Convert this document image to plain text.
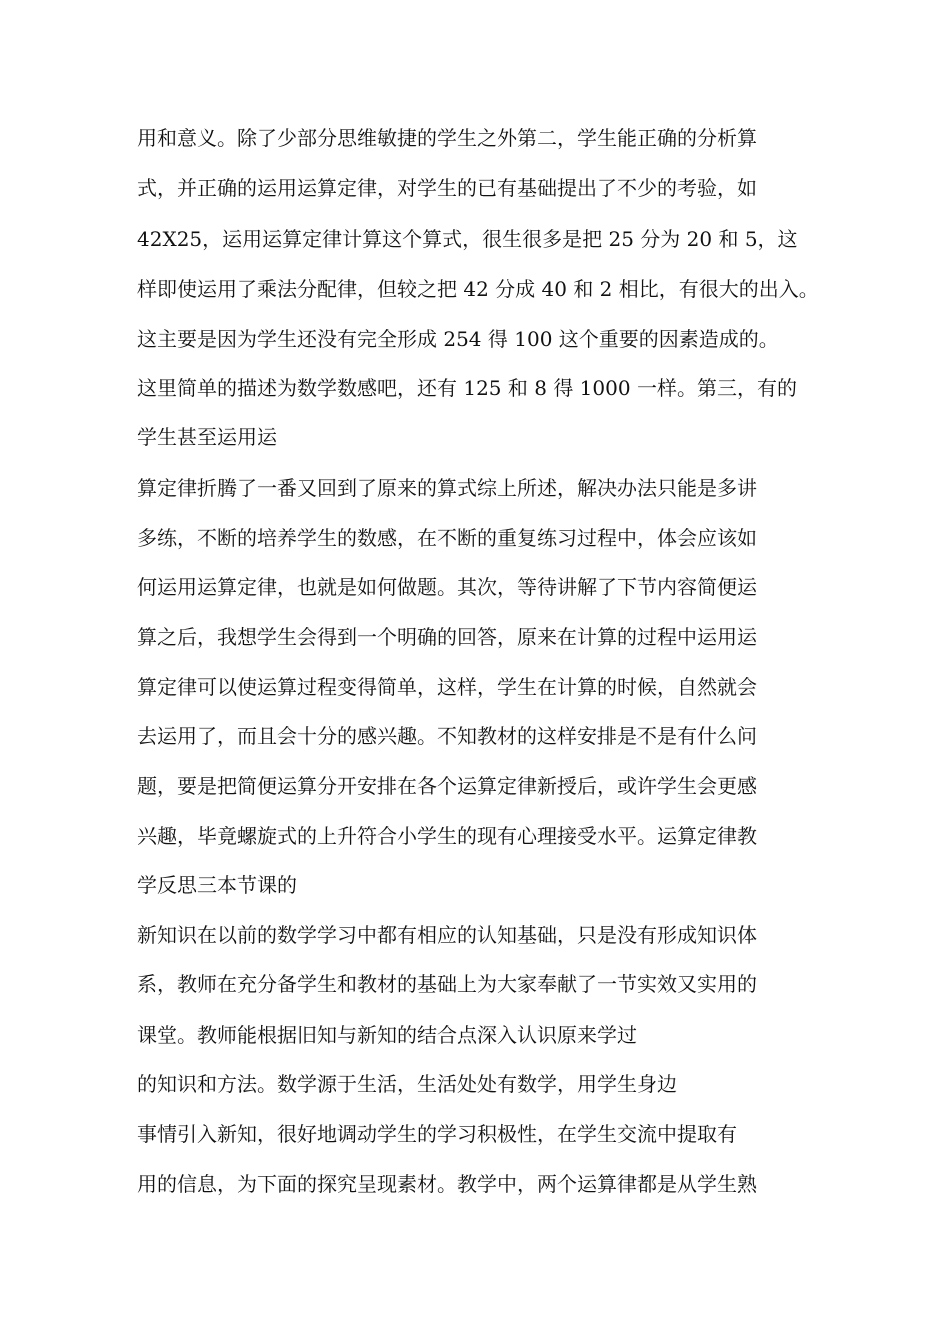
用和意义。除了少部分思维敏捷的学生之外第二，学生能正确的分析算

式，并正确的运用运算定律，对学生的已有基础提出了不少的考验，如

42X25，运用运算定律计算这个算式，很生很多是把 25 分为 20 和 5，这

样即使运用了乘法分配律，但较之把 42 分成 40 和 2 相比，有很大的出入。

这主要是因为学生还没有完全形成 254 得 100 这个重要的因素造成的。

这里简单的描述为数学数感吧，还有 125 和 8 得 1000 一样。第三，有的

学生甚至运用运

算定律折腾了一番又回到了原来的算式综上所述，解决办法只能是多讲

多练，不断的培养学生的数感，在不断的重复练习过程中，体会应该如

何运用运算定律，也就是如何做题。其次，等待讲解了下节内容简便运

算之后，我想学生会得到一个明确的回答，原来在计算的过程中运用运

算定律可以使运算过程变得简单，这样，学生在计算的时候，自然就会

去运用了，而且会十分的感兴趣。不知教材的这样安排是不是有什么问

题，要是把简便运算分开安排在各个运算定律新授后，或许学生会更感

兴趣，毕竟螺旋式的上升符合小学生的现有心理接受水平。运算定律教

学反思三本节课的

新知识在以前的数学学习中都有相应的认知基础，只是没有形成知识体

系，教师在充分备学生和教材的基础上为大家奉献了一节实效又实用的

课堂。教师能根据旧知与新知的结合点深入认识原来学过

的知识和方法。数学源于生活，生活处处有数学，用学生身边

事情引入新知，很好地调动学生的学习积极性，在学生交流中提取有

用的信息，为下面的探究呈现素材。教学中，两个运算律都是从学生熟
